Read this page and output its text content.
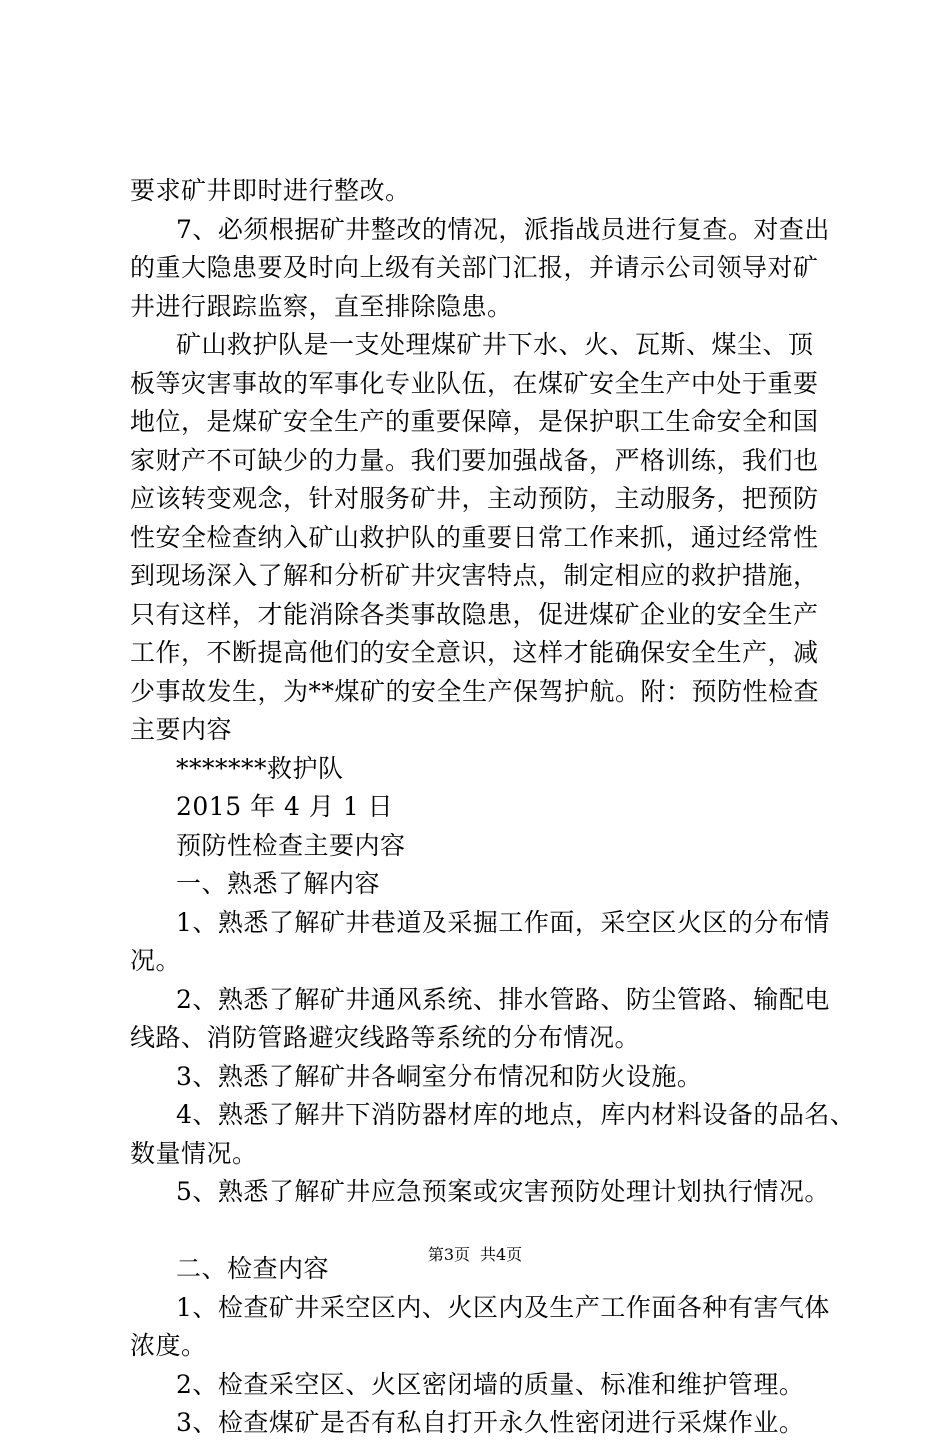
要求矿井即时进行整改。
7、必须根据矿井整改的情况，派指战员进行复查。对查出
的重大隐患要及时向上级有关部门汇报，并请示公司领导对矿
井进行跟踪监察，直至排除隐患。
矿山救护队是一支处理煤矿井下水、火、瓦斯、煤尘、顶
板等灾害事故的军事化专业队伍，在煤矿安全生产中处于重要
地位，是煤矿安全生产的重要保障，是保护职工生命安全和国
家财产不可缺少的力量。我们要加强战备，严格训练，我们也
应该转变观念，针对服务矿井，主动预防，主动服务，把预防
性安全检查纳入矿山救护队的重要日常工作来抓，通过经常性
到现场深入了解和分析矿井灾害特点，制定相应的救护措施，
只有这样，才能消除各类事故隐患，促进煤矿企业的安全生产
工作，不断提高他们的安全意识，这样才能确保安全生产，减
少事故发生，为**煤矿的安全生产保驾护航。附：预防性检查
主要内容
*******救护队
2015 年 4 月 1 日
预防性检查主要内容
一、熟悉了解内容
1、熟悉了解矿井巷道及采掘工作面，采空区火区的分布情
况。
2、熟悉了解矿井通风系统、排水管路、防尘管路、输配电
线路、消防管路避灾线路等系统的分布情况。
3、熟悉了解矿井各峒室分布情况和防火设施。
4、熟悉了解井下消防器材库的地点，库内材料设备的品名、
数量情况。
5、熟悉了解矿井应急预案或灾害预防处理计划执行情况。
二、检查内容
1、检查矿井采空区内、火区内及生产工作面各种有害气体
浓度。
2、检查采空区、火区密闭墙的质量、标准和维护管理。
3、检查煤矿是否有私自打开永久性密闭进行采煤作业。
第3页 共4页
